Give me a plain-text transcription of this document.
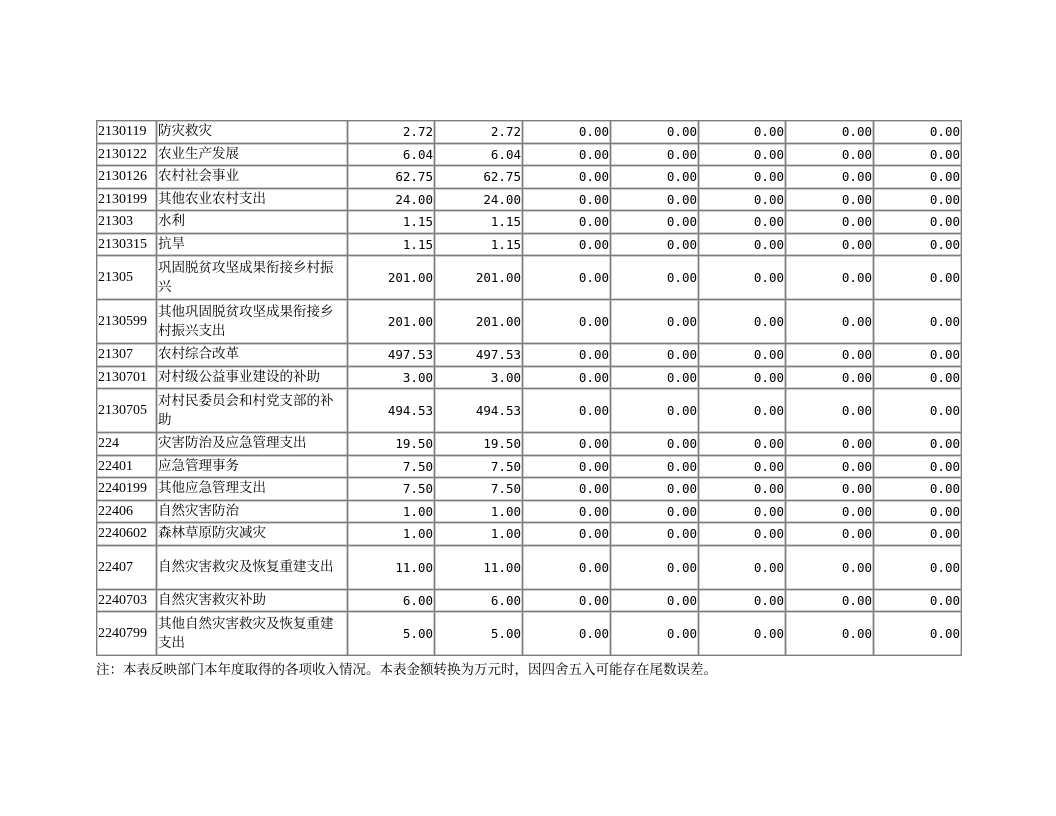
2130119	防灾救灾	2.72	2.72	0.00	0.00	0.00	0.00	0.00
2130122	农业生产发展	6.04	6.04	0.00	0.00	0.00	0.00	0.00
2130126	农村社会事业	62.75	62.75	0.00	0.00	0.00	0.00	0.00
2130199	其他农业农村支出	24.00	24.00	0.00	0.00	0.00	0.00	0.00
21303	水利	1.15	1.15	0.00	0.00	0.00	0.00	0.00
2130315	抗旱	1.15	1.15	0.00	0.00	0.00	0.00	0.00
21305	巩固脱贫攻坚成果衔接乡村振兴	201.00	201.00	0.00	0.00	0.00	0.00	0.00
2130599	其他巩固脱贫攻坚成果衔接乡村振兴支出	201.00	201.00	0.00	0.00	0.00	0.00	0.00
21307	农村综合改革	497.53	497.53	0.00	0.00	0.00	0.00	0.00
2130701	对村级公益事业建设的补助	3.00	3.00	0.00	0.00	0.00	0.00	0.00
2130705	对村民委员会和村党支部的补助	494.53	494.53	0.00	0.00	0.00	0.00	0.00
224	灾害防治及应急管理支出	19.50	19.50	0.00	0.00	0.00	0.00	0.00
22401	应急管理事务	7.50	7.50	0.00	0.00	0.00	0.00	0.00
2240199	其他应急管理支出	7.50	7.50	0.00	0.00	0.00	0.00	0.00
22406	自然灾害防治	1.00	1.00	0.00	0.00	0.00	0.00	0.00
2240602	森林草原防灾减灾	1.00	1.00	0.00	0.00	0.00	0.00	0.00
22407	自然灾害救灾及恢复重建支出	11.00	11.00	0.00	0.00	0.00	0.00	0.00
2240703	自然灾害救灾补助	6.00	6.00	0.00	0.00	0.00	0.00	0.00
2240799	其他自然灾害救灾及恢复重建支出	5.00	5.00	0.00	0.00	0.00	0.00	0.00
注：本表反映部门本年度取得的各项收入情况。本表金额转换为万元时，因四舍五入可能存在尾数误差。
